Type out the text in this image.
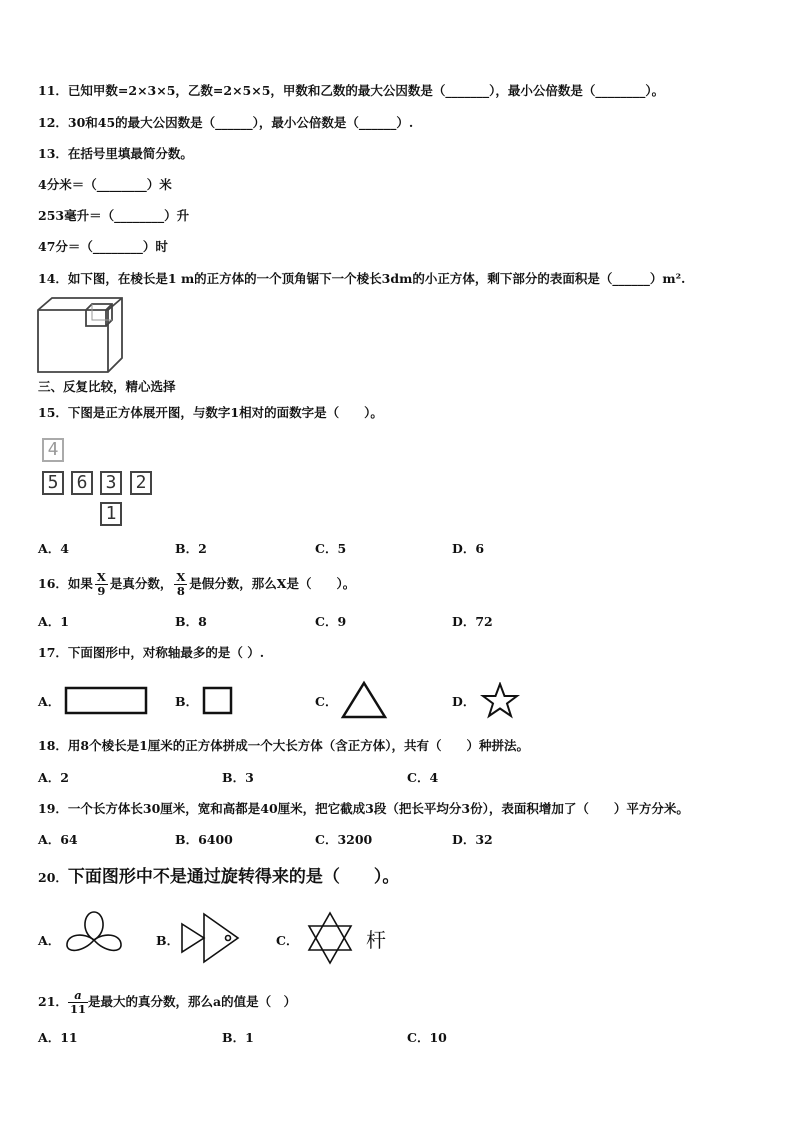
11．已知甲数=2×3×5，乙数=2×5×5，甲数和乙数的最大公因数是（_______），最小公倍数是（________）。
12．30和45的最大公因数是（______），最小公倍数是（______）.
13．在括号里填最简分数。
4分米＝（________）米
253毫升＝（________）升
47分＝（________）时
14．如下图，在棱长是1 m的正方体的一个顶角锯下一个棱长3dm的小正方体，剩下部分的表面积是（______）m².
三、反复比较，精心选择
15．下图是正方体展开图，与数字1相对的面数字是（　　）。
4
5	6	3	2
1
A．4	B．2	C．5	D．6
16．如果 $\frac{X}{9}$ 是真分数， $\frac{X}{8}$ 是假分数，那么X是（　　）。
A．1	B．8	C．9	D．72
17．下面图形中，对称轴最多的是（ ）.
A．	B．	C．	D．
18．用8个棱长是1厘米的正方体拼成一个大长方体（含正方体），共有（　　）种拼法。
A．2	B．3	C．4
19．一个长方体长30厘米，宽和高都是40厘米，把它截成3段（把长平均分3份），表面积增加了（　　）平方分米。
A．64	B．6400	C．3200	D．32
20．下面图形中不是通过旋转得来的是（　　）。
A．	B．	C．	杆
$\frac{a}{11}$ 是最大的真分数，那么a的值是（　）
21．
A．11	B．1	C．10
